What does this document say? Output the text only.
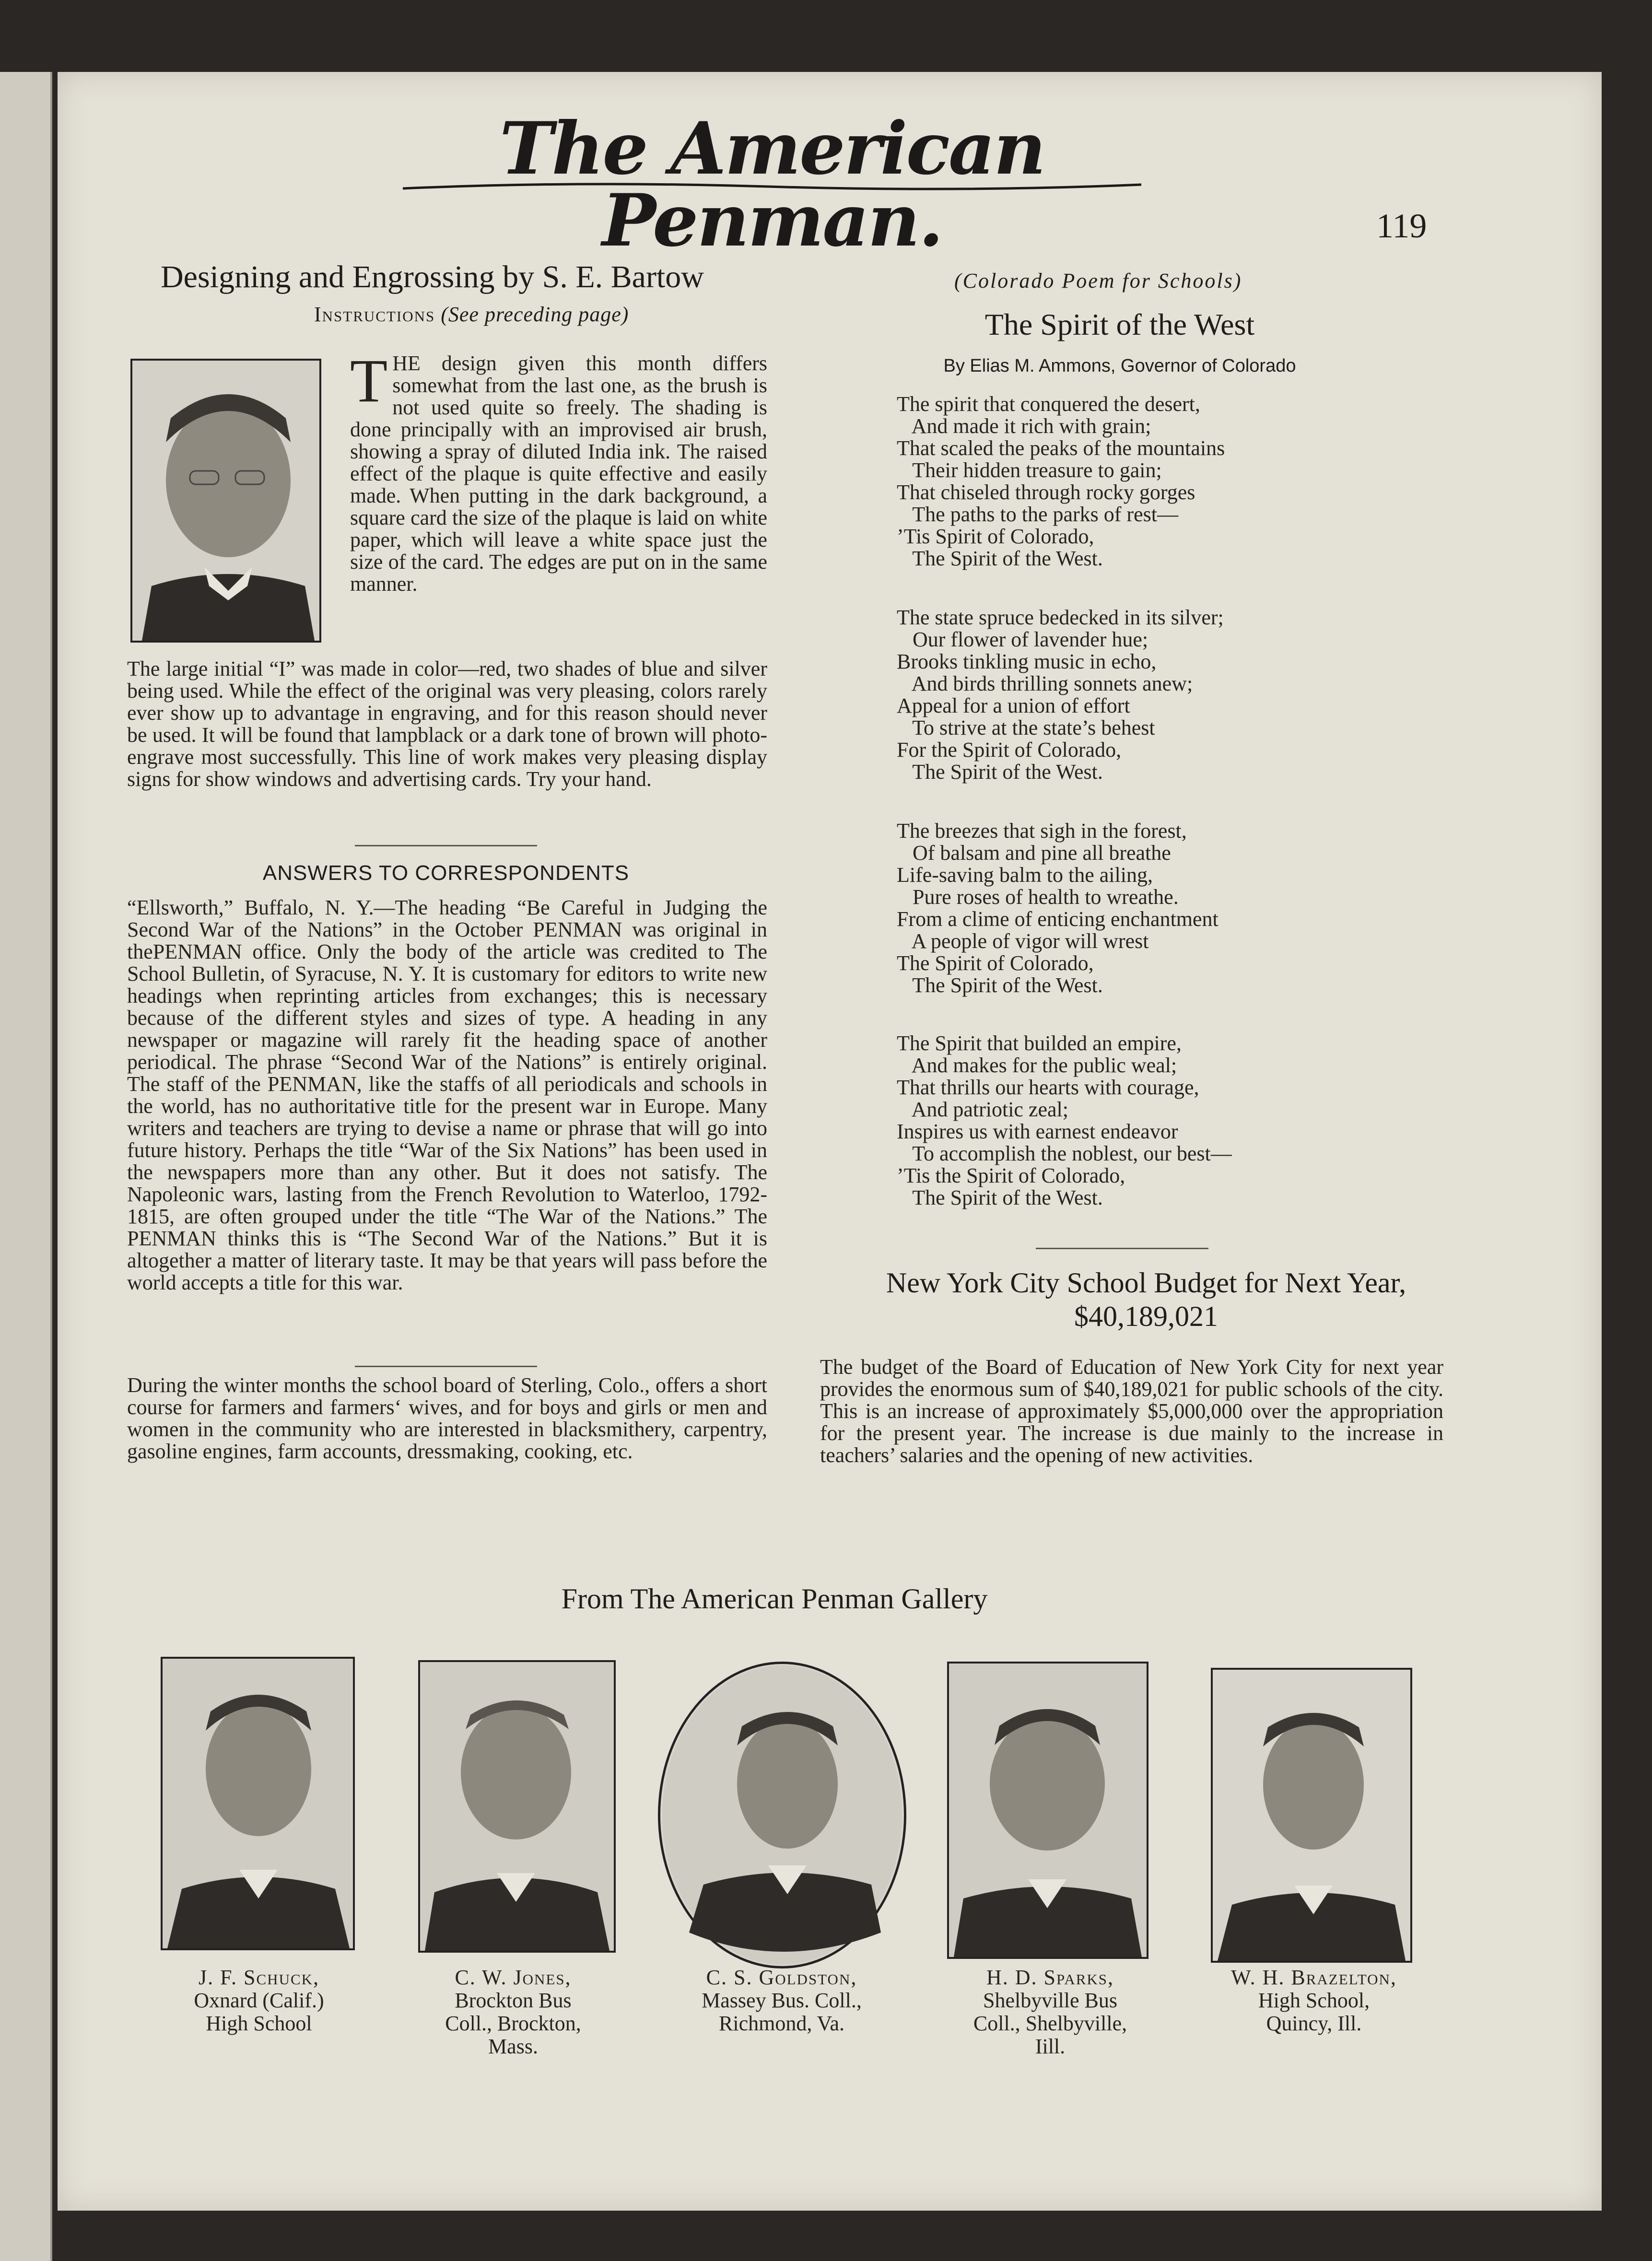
The American Penman.	119
Designing and Engrossing by S. E. Bartow
Instructions (See preceding page)
T HE design given this month differs somewhat from the last one, as the brush is not used quite so freely. The shading is done principally with an improvised air brush, showing a spray of diluted India ink. The raised effect of the plaque is quite effective and easily made. When putting in the dark background, a square card the size of the plaque is laid on white paper, which will leave a white space just the size of the card. The edges are put on in the same manner.
The large initial “I” was made in color—red, two shades of blue and silver being used. While the effect of the original was very pleasing, colors rarely ever show up to advantage in engraving, and for this reason should never be used. It will be found that lampblack or a dark tone of brown will photo-engrave most successfully. This line of work makes very pleasing display signs for show windows and advertising cards. Try your hand.
ANSWERS TO CORRESPONDENTS
“Ellsworth,” Buffalo, N. Y.—The heading “Be Careful in Judging the Second War of the Nations” in the October PENMAN was original in thePENMAN office. Only the body of the article was credited to The School Bulletin, of Syracuse, N. Y. It is customary for editors to write new headings when reprinting articles from exchanges; this is necessary because of the different styles and sizes of type. A heading in any newspaper or magazine will rarely fit the heading space of another periodical. The phrase “Second War of the Nations” is entirely original. The staff of the PENMAN, like the staffs of all periodicals and schools in the world, has no authoritative title for the present war in Europe. Many writers and teachers are trying to devise a name or phrase that will go into future history. Perhaps the title “War of the Six Nations” has been used in the newspapers more than any other. But it does not satisfy. The Napoleonic wars, lasting from the French Revolution to Waterloo, 1792-1815, are often grouped under the title “The War of the Nations.” The PENMAN thinks this is “The Second War of the Nations.” But it is altogether a matter of literary taste. It may be that years will pass before the world accepts a title for this war.
During the winter months the school board of Sterling, Colo., offers a short course for farmers and farmers‘ wives, and for boys and girls or men and women in the community who are interested in blacksmithery, carpentry, gasoline engines, farm accounts, dressmaking, cooking, etc.
(Colorado Poem for Schools)
The Spirit of the West
By Elias M. Ammons, Governor of Colorado
The spirit that conquered the desert,
And made it rich with grain;
That scaled the peaks of the mountains
Their hidden treasure to gain;
That chiseled through rocky gorges
The paths to the parks of rest—
’Tis Spirit of Colorado,
The Spirit of the West.
The state spruce bedecked in its silver;
Our flower of lavender hue;
Brooks tinkling music in echo,
And birds thrilling sonnets anew;
Appeal for a union of effort
To strive at the state’s behest
For the Spirit of Colorado,
The Spirit of the West.
The breezes that sigh in the forest,
Of balsam and pine all breathe
Life-saving balm to the ailing,
Pure roses of health to wreathe.
From a clime of enticing enchantment
A people of vigor will wrest
The Spirit of Colorado,
The Spirit of the West.
The Spirit that builded an empire,
And makes for the public weal;
That thrills our hearts with courage,
And patriotic zeal;
Inspires us with earnest endeavor
To accomplish the noblest, our best—
’Tis the Spirit of Colorado,
The Spirit of the West.
New York City School Budget for Next Year, $40,189,021
The budget of the Board of Education of New York City for next year provides the enormous sum of $40,189,021 for public schools of the city. This is an increase of approximately $5,000,000 over the appropriation for the present year. The increase is due mainly to the increase in teachers’ salaries and the opening of new activities.
From The American Penman Gallery
J. F. Schuck,
Oxnard (Calif.)
High School
C. W. Jones,
Brockton Bus
Coll., Brockton,
Mass.
C. S. Goldston,
Massey Bus. Coll.,
Richmond, Va.
H. D. Sparks,
Shelbyville Bus
Coll., Shelbyville,
Iill.
W. H. Brazelton,
High School,
Quincy, Ill.
